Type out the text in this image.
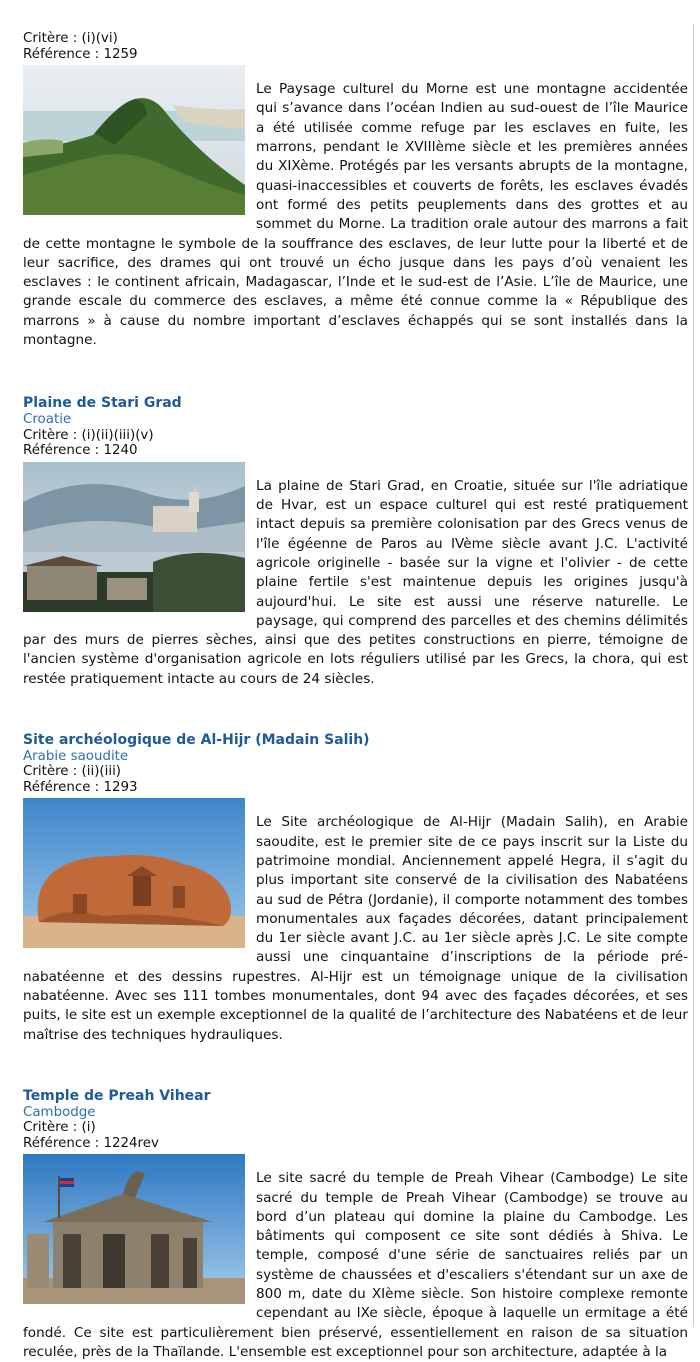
Critère : (i)(vi)

Référence : 1259

Le Paysage culturel du Morne est une montagne accidentée qui s’avance dans l’océan Indien au sud-ouest de l’île Maurice a été utilisée comme refuge par les esclaves en fuite, les marrons, pendant le XVIIIème siècle et les premières années du XIXème. Protégés par les versants abrupts de la montagne, quasi-inaccessibles et couverts de forêts, les esclaves évadés ont formé des petits peuplements dans des grottes et au sommet du Morne. La tradition orale autour des marrons a fait de cette montagne le symbole de la souffrance des esclaves, de leur lutte pour la liberté et de leur sacrifice, des drames qui ont trouvé un écho jusque dans les pays d’où venaient les esclaves : le continent africain, Madagascar, l’Inde et le sud-est de l’Asie. L’île de Maurice, une grande escale du commerce des esclaves, a même été connue comme la « République des marrons » à cause du nombre important d’esclaves échappés qui se sont installés dans la montagne.

Plaine de Stari Grad

Croatie

Critère : (i)(ii)(iii)(v)

Référence : 1240

La plaine de Stari Grad, en Croatie, située sur l'île adriatique de Hvar, est un espace culturel qui est resté pratiquement intact depuis sa première colonisation par des Grecs venus de l'île égéenne de Paros au IVème siècle avant J.C. L'activité agricole originelle - basée sur la vigne et l'olivier - de cette plaine fertile s'est maintenue depuis les origines jusqu'à aujourd'hui. Le site est aussi une réserve naturelle. Le paysage, qui comprend des parcelles et des chemins délimités par des murs de pierres sèches, ainsi que des petites constructions en pierre, témoigne de l'ancien système d'organisation agricole en lots réguliers utilisé par les Grecs, la chora, qui est restée pratiquement intacte au cours de 24 siècles.

Site archéologique de Al-Hijr (Madain Salih)

Arabie saoudite

Critère : (ii)(iii)

Référence : 1293

Le Site archéologique de Al-Hijr (Madain Salih), en Arabie saoudite, est le premier site de ce pays inscrit sur la Liste du patrimoine mondial. Anciennement appelé Hegra, il s’agit du plus important site conservé de la civilisation des Nabatéens au sud de Pétra (Jordanie), il comporte notamment des tombes monumentales aux façades décorées, datant principalement du 1er siècle avant J.C. au 1er siècle après J.C. Le site compte aussi une cinquantaine d’inscriptions de la période pré-nabatéenne et des dessins rupestres. Al-Hijr est un témoignage unique de la civilisation nabatéenne. Avec ses 111 tombes monumentales, dont 94 avec des façades décorées, et ses puits, le site est un exemple exceptionnel de la qualité de l’architecture des Nabatéens et de leur maîtrise des techniques hydrauliques.

Temple de Preah Vihear

Cambodge

Critère : (i)

Référence : 1224rev

Le site sacré du temple de Preah Vihear (Cambodge) Le site sacré du temple de Preah Vihear (Cambodge) se trouve au bord d’un plateau qui domine la plaine du Cambodge. Les bâtiments qui composent ce site sont dédiés à Shiva. Le temple, composé d'une série de sanctuaires reliés par un système de chaussées et d'escaliers s'étendant sur un axe de 800 m, date du XIème siècle. Son histoire complexe remonte cependant au IXe siècle, époque à laquelle un ermitage a été fondé. Ce site est particulièrement bien préservé, essentiellement en raison de sa situation reculée, près de la Thaïlande. L'ensemble est exceptionnel pour son architecture, adaptée à la
